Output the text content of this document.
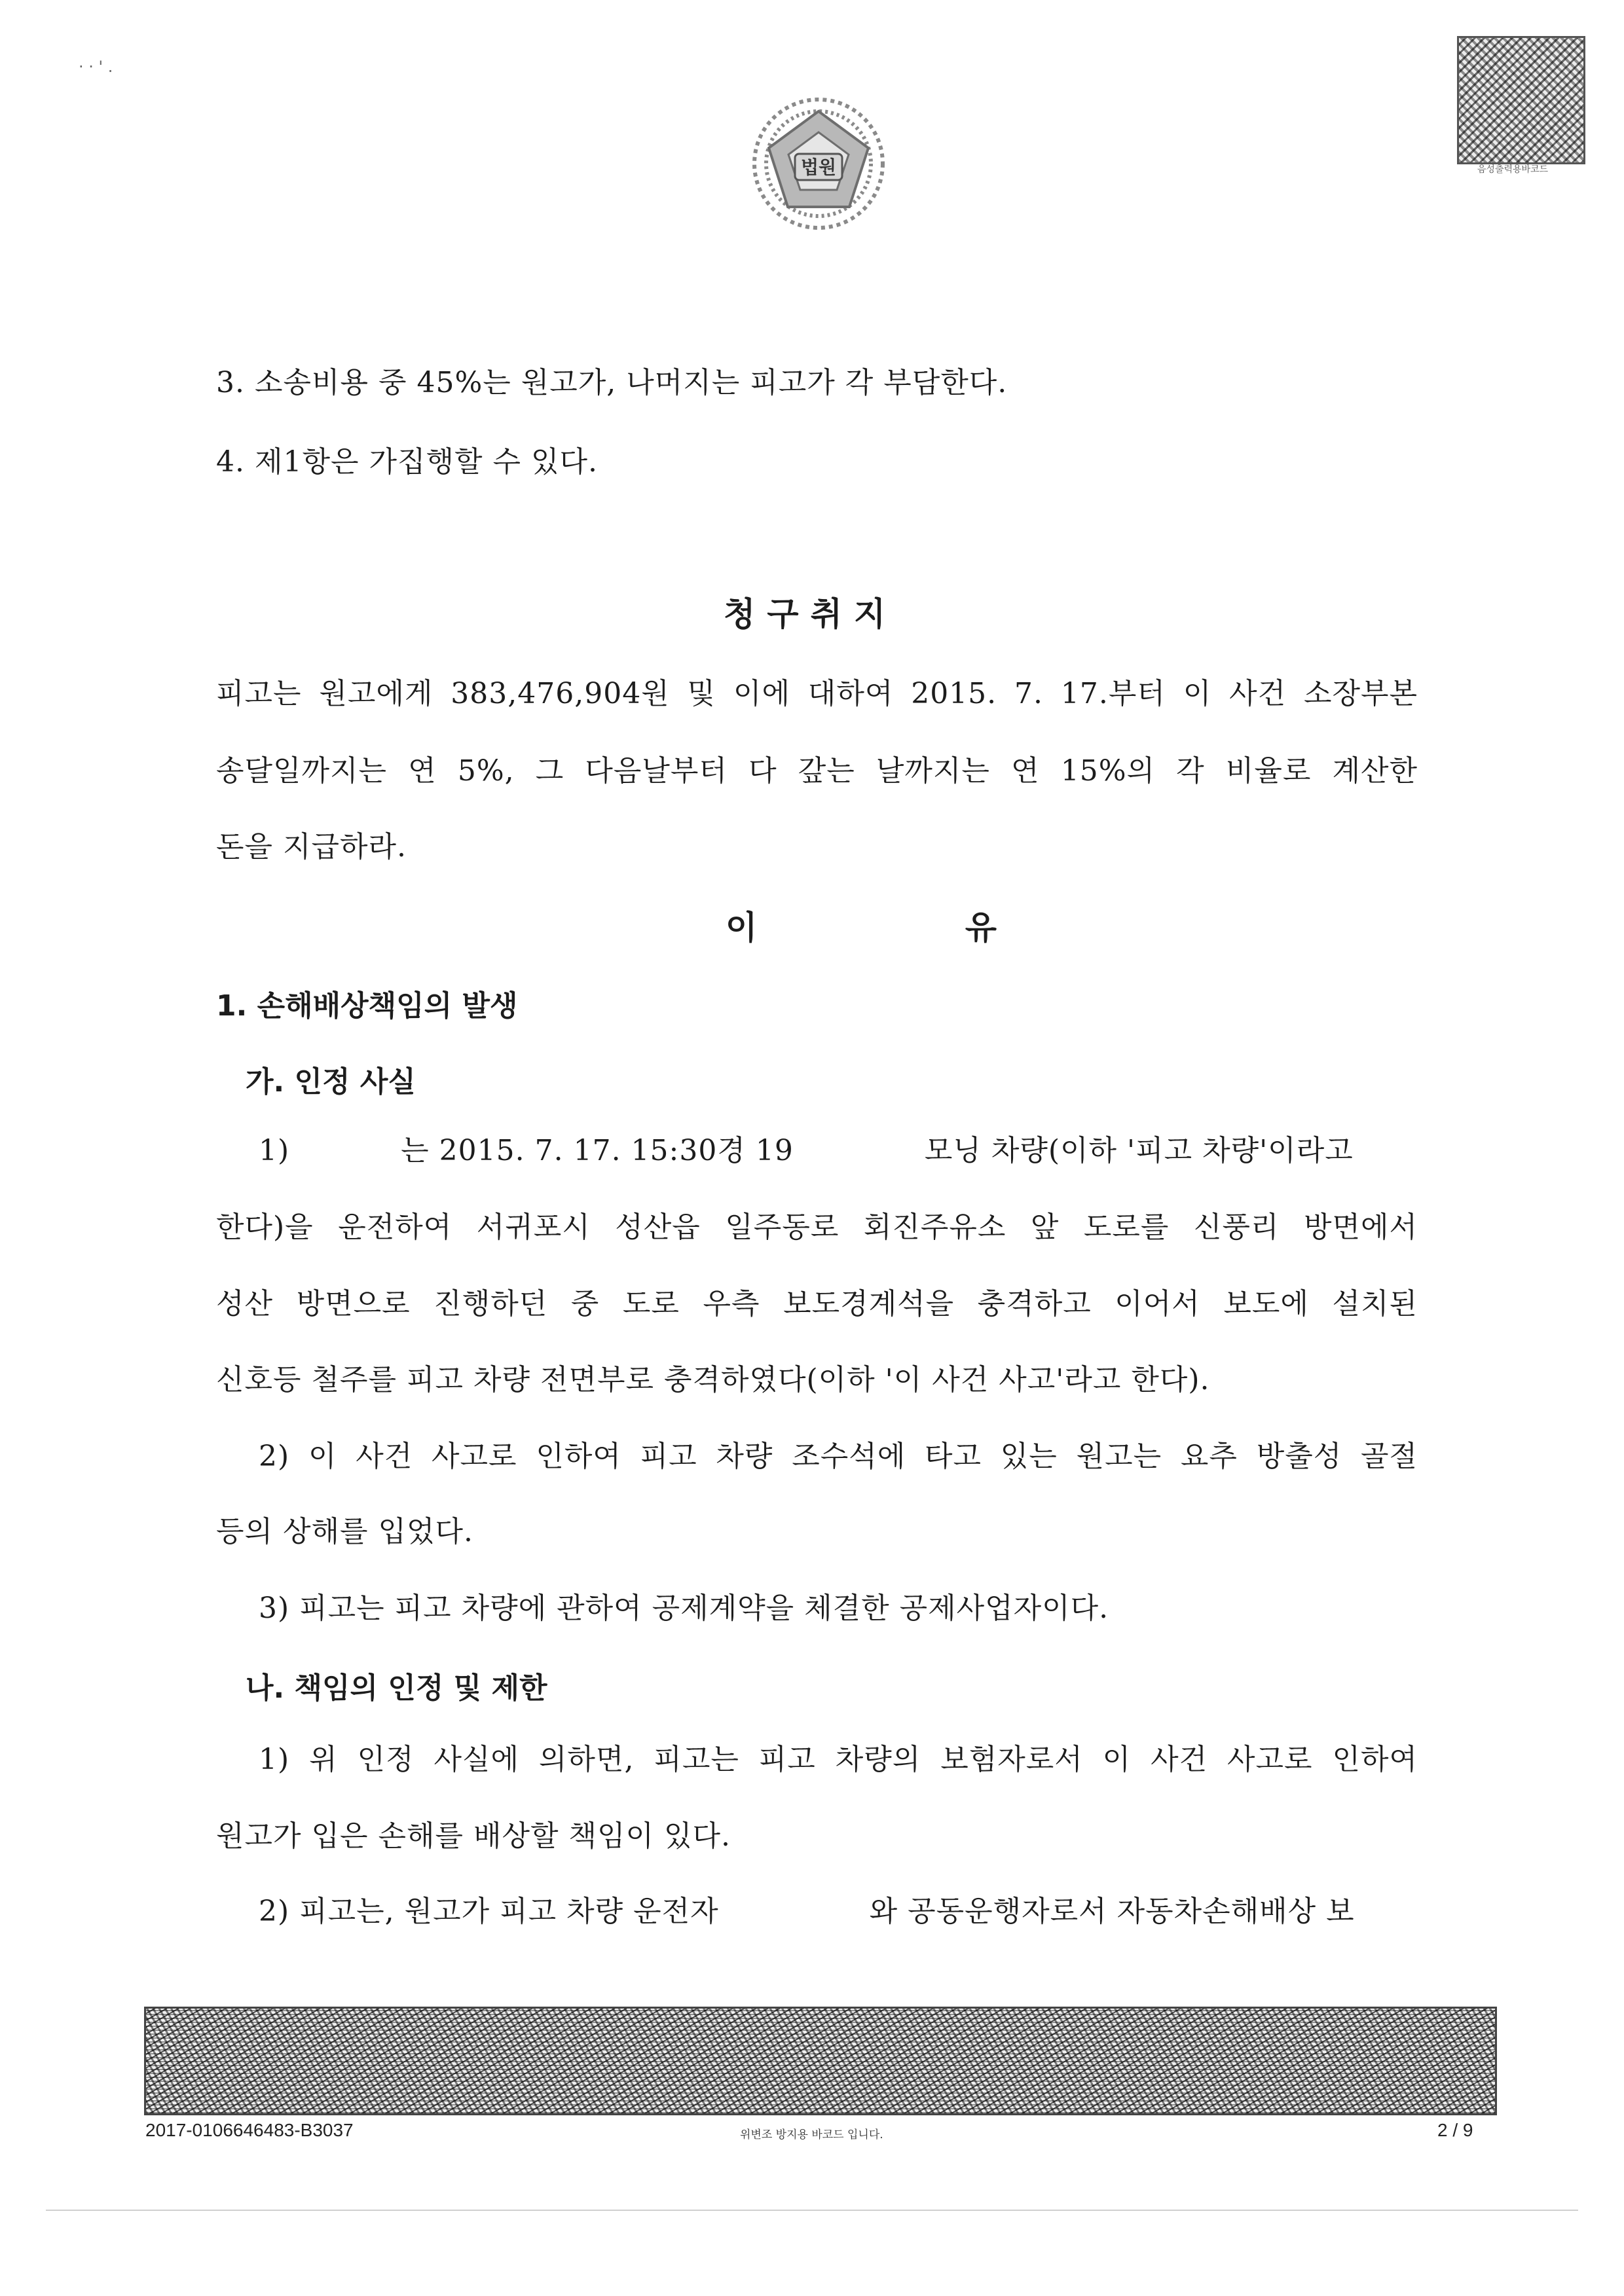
· · ' .
법원	음성출력용바코드
3. 소송비용 중 45%는 원고가, 나머지는 피고가 각 부담한다.
4. 제1항은 가집행할 수 있다.
청구취지
피고는 원고에게 383,476,904원 및 이에 대하여 2015. 7. 17.부터 이 사건 소장부본
송달일까지는 연 5%, 그 다음날부터 다 갚는 날까지는 연 15%의 각 비율로 계산한
돈을 지급하라.
이 유
1. 손해배상책임의 발생
가. 인정 사실
1)	는 2015. 7. 17. 15:30경 19	모닝 차량(이하 '피고 차량'이라고
한다)을 운전하여 서귀포시 성산읍 일주동로 회진주유소 앞 도로를 신풍리 방면에서
성산 방면으로 진행하던 중 도로 우측 보도경계석을 충격하고 이어서 보도에 설치된
신호등 철주를 피고 차량 전면부로 충격하였다(이하 '이 사건 사고'라고 한다).
2) 이 사건 사고로 인하여 피고 차량 조수석에 타고 있는 원고는 요추 방출성 골절
등의 상해를 입었다.
3) 피고는 피고 차량에 관하여 공제계약을 체결한 공제사업자이다.
나. 책임의 인정 및 제한
1) 위 인정 사실에 의하면, 피고는 피고 차량의 보험자로서 이 사건 사고로 인하여
원고가 입은 손해를 배상할 책임이 있다.
2) 피고는, 원고가 피고 차량 운전자	와 공동운행자로서 자동차손해배상 보
2017-0106646483-B3037	위변조 방지용 바코드 입니다.	2 / 9
